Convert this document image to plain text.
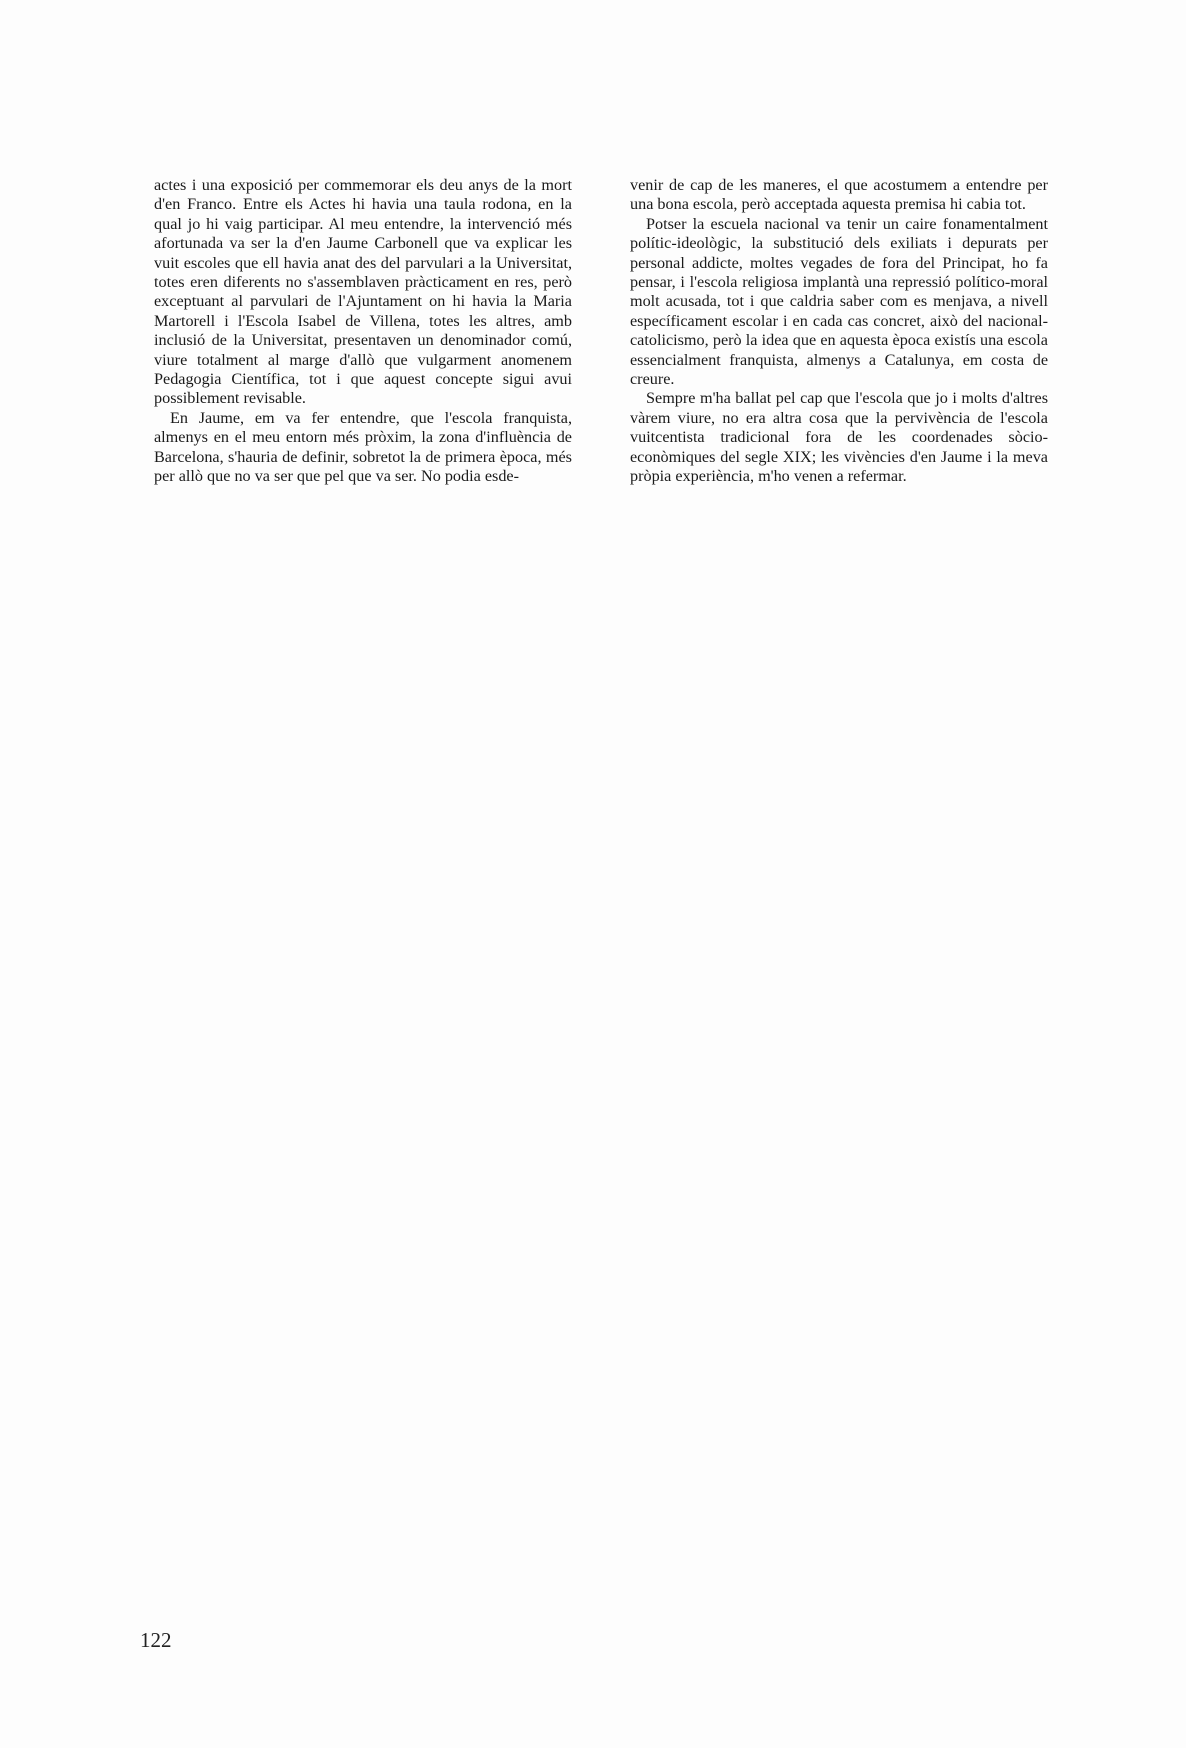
actes i una exposició per commemorar els deu anys de la mort d'en Franco. Entre els Actes hi havia una taula rodona, en la qual jo hi vaig participar. Al meu entendre, la intervenció més afortunada va ser la d'en Jaume Carbonell que va explicar les vuit escoles que ell havia anat des del parvulari a la Universitat, totes eren diferents no s'assemblaven pràcticament en res, però exceptuant al parvulari de l'Ajuntament on hi havia la Maria Martorell i l'Escola Isabel de Villena, totes les altres, amb inclusió de la Universitat, presentaven un denominador comú, viure totalment al marge d'allò que vulgarment anomenem Pedagogia Científica, tot i que aquest concepte sigui avui possiblement revisable.

En Jaume, em va fer entendre, que l'escola franquista, almenys en el meu entorn més pròxim, la zona d'influència de Barcelona, s'hauria de definir, sobretot la de primera època, més per allò que no va ser que pel que va ser. No podia esde-

venir de cap de les maneres, el que acostumem a entendre per una bona escola, però acceptada aquesta premisa hi cabia tot.

Potser la escuela nacional va tenir un caire fonamentalment polític-ideològic, la substitució dels exiliats i depurats per personal addicte, moltes vegades de fora del Principat, ho fa pensar, i l'escola religiosa implantà una repressió político-moral molt acusada, tot i que caldria saber com es menjava, a nivell específicament escolar i en cada cas concret, això del nacional-catolicismo, però la idea que en aquesta època existís una escola essencialment franquista, almenys a Catalunya, em costa de creure.

Sempre m'ha ballat pel cap que l'escola que jo i molts d'altres vàrem viure, no era altra cosa que la pervivència de l'escola vuitcentista tradicional fora de les coordenades sòcio-econòmiques del segle XIX; les vivències d'en Jaume i la meva pròpia experiència, m'ho venen a refermar.

122
